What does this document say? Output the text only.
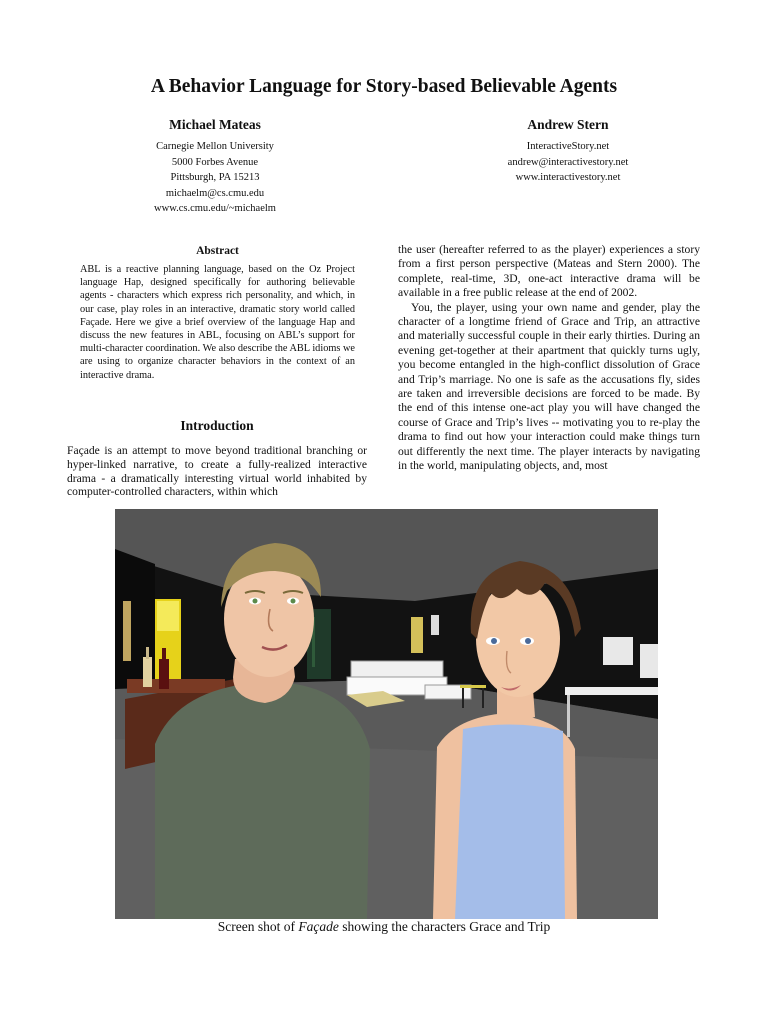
A Behavior Language for Story-based Believable Agents
Michael Mateas
Carnegie Mellon University
5000 Forbes Avenue
Pittsburgh, PA 15213
michaelm@cs.cmu.edu
www.cs.cmu.edu/~michaelm
Andrew Stern
InteractiveStory.net
andrew@interactivestory.net
www.interactivestory.net
Abstract

ABL is a reactive planning language, based on the Oz Project language Hap, designed specifically for authoring believable agents - characters which express rich personality, and which, in our case, play roles in an interactive, dramatic story world called Façade. Here we give a brief overview of the language Hap and discuss the new features in ABL, focusing on ABL’s support for multi-character coordination. We also describe the ABL idioms we are using to organize character behaviors in the context of an interactive drama.

Introduction

Façade is an attempt to move beyond traditional branching or hyper-linked narrative, to create a fully-realized interactive drama - a dramatically interesting virtual world inhabited by computer-controlled characters, within which

the user (hereafter referred to as the player) experiences a story from a first person perspective (Mateas and Stern 2000). The complete, real-time, 3D, one-act interactive drama will be available in a free public release at the end of 2002.

You, the player, using your own name and gender, play the character of a longtime friend of Grace and Trip, an attractive and materially successful couple in their early thirties. During an evening get-together at their apartment that quickly turns ugly, you become entangled in the high-conflict dissolution of Grace and Trip’s marriage. No one is safe as the accusations fly, sides are taken and irreversible decisions are forced to be made. By the end of this intense one-act play you will have changed the course of Grace and Trip’s lives -- motivating you to re-play the drama to find out how your interaction could make things turn out differently the next time. The player interacts by navigating in the world, manipulating objects, and, most

Screen shot of Façade showing the characters Grace and Trip
